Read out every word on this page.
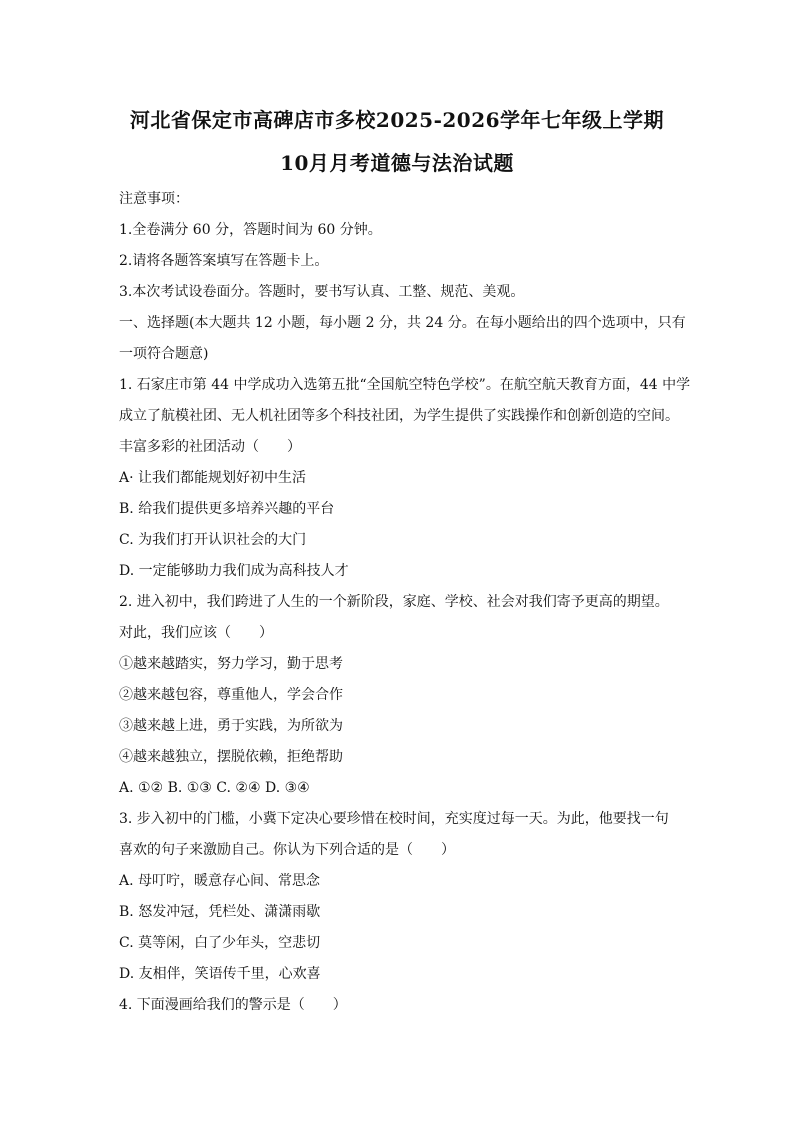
河北省保定市高碑店市多校2025-2026学年七年级上学期
10月月考道德与法治试题
注意事项：
1.全卷满分 60 分，答题时间为 60 分钟。
2.请将各题答案填写在答题卡上。
3.本次考试设卷面分。答题时，要书写认真、工整、规范、美观。
一、选择题(本大题共 12 小题，每小题 2 分，共 24 分。在每小题给出的四个选项中，只有
一项符合题意)
1. 石家庄市第 44 中学成功入选第五批“全国航空特色学校”。在航空航天教育方面，44 中学
成立了航模社团、无人机社团等多个科技社团，为学生提供了实践操作和创新创造的空间。
丰富多彩的社团活动（　　）
A· 让我们都能规划好初中生活
B. 给我们提供更多培养兴趣的平台
C. 为我们打开认识社会的大门
D. 一定能够助力我们成为高科技人才
2. 进入初中，我们跨进了人生的一个新阶段，家庭、学校、社会对我们寄予更高的期望。
对此，我们应该（　　）
①越来越踏实，努力学习，勤于思考
②越来越包容，尊重他人，学会合作
③越来越上进，勇于实践，为所欲为
④越来越独立，摆脱依赖，拒绝帮助
A. ①② B. ①③ C. ②④ D. ③④
3. 步入初中的门槛，小冀下定决心要珍惜在校时间，充实度过每一天。为此，他要找一句
喜欢的句子来激励自己。你认为下列合适的是（　　）
A. 母叮咛，暖意存心间、常思念
B. 怒发冲冠，凭栏处、潇潇雨歇
C. 莫等闲，白了少年头，空悲切
D. 友相伴，笑语传千里，心欢喜
4. 下面漫画给我们的警示是（　　）
